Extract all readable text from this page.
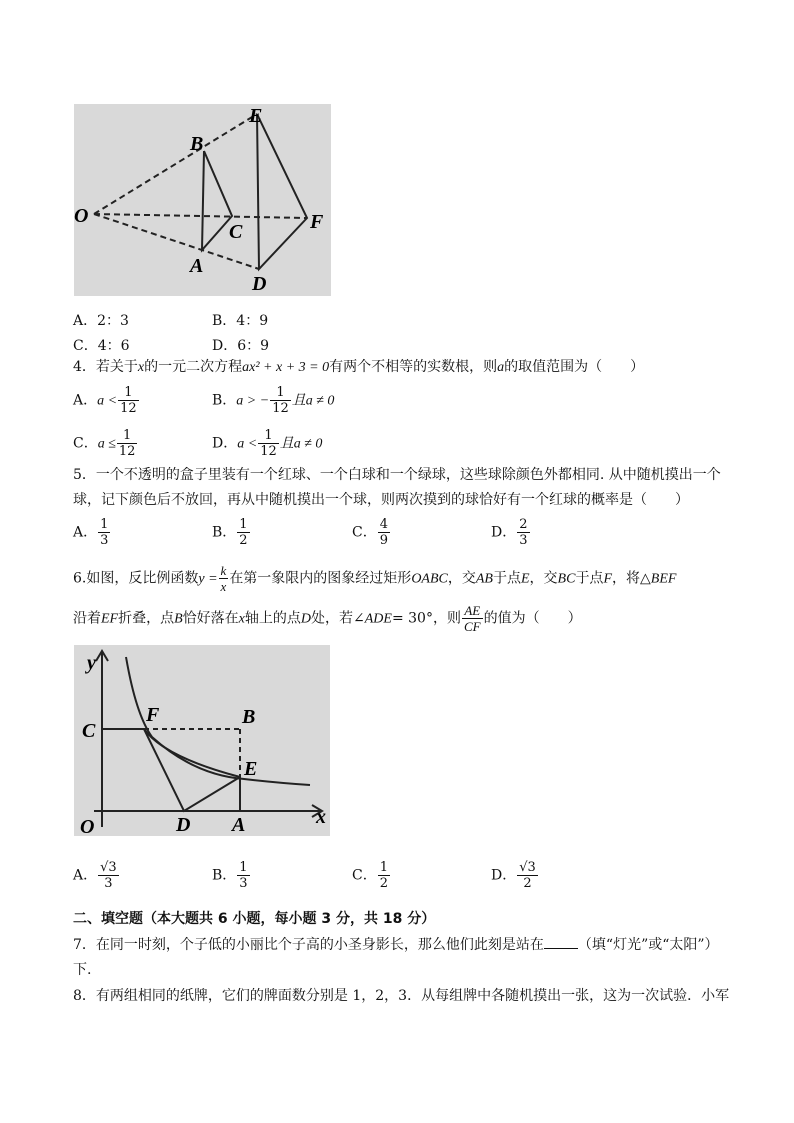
B
O
A
C
E
F
D
A．2：3	B．4：9
C．4：6	D．6：9
4．若关于x的一元二次方程ax² + x + 3 = 0有两个不相等的实数根，则a的取值范围为（　　）
A．$a < \frac{1}{12}$	B．a > − $\frac{1}{12}$ 且a ≠ 0
C．$a \le \frac{1}{12}$	D．$a < \frac{1}{12}$ 且a ≠ 0
5．一个不透明的盒子里装有一个红球、一个白球和一个绿球，这些球除颜色外都相同. 从中随机摸出一个
球，记下颜色后不放回，再从中随机摸出一个球，则两次摸到的球恰好有一个红球的概率是（　　）
A． $\frac{1}{3}$	B． $\frac{1}{2}$	C． $\frac{4}{9}$	D． $\frac{2}{3}$
6.如图，反比例函数$y = \frac{k}{x}$ 在第一象限内的图象经过矩形OABC，交AB于点E，交BC于点F，将△BEF
沿着EF折叠，点B恰好落在x轴上的点D处，若∠ADE= 30°，则 $\frac{AE}{CF}$ 的值为（　　）
y
x
O
C
F	B
E
D A
A． $\frac{√3}{3}$	B． $\frac{1}{3}$	C． $\frac{1}{2}$	D． $\frac{√3}{2}$
二、填空题（本大题共 6 小题，每小题 3 分，共 18 分）
7．在同一时刻，个子低的小丽比个子高的小圣身影长，那么他们此刻是站在 （填“灯光”或“太阳”）
下.
8．有两组相同的纸牌，它们的牌面数分别是 1，2，3．从每组牌中各随机摸出一张，这为一次试验．小军
